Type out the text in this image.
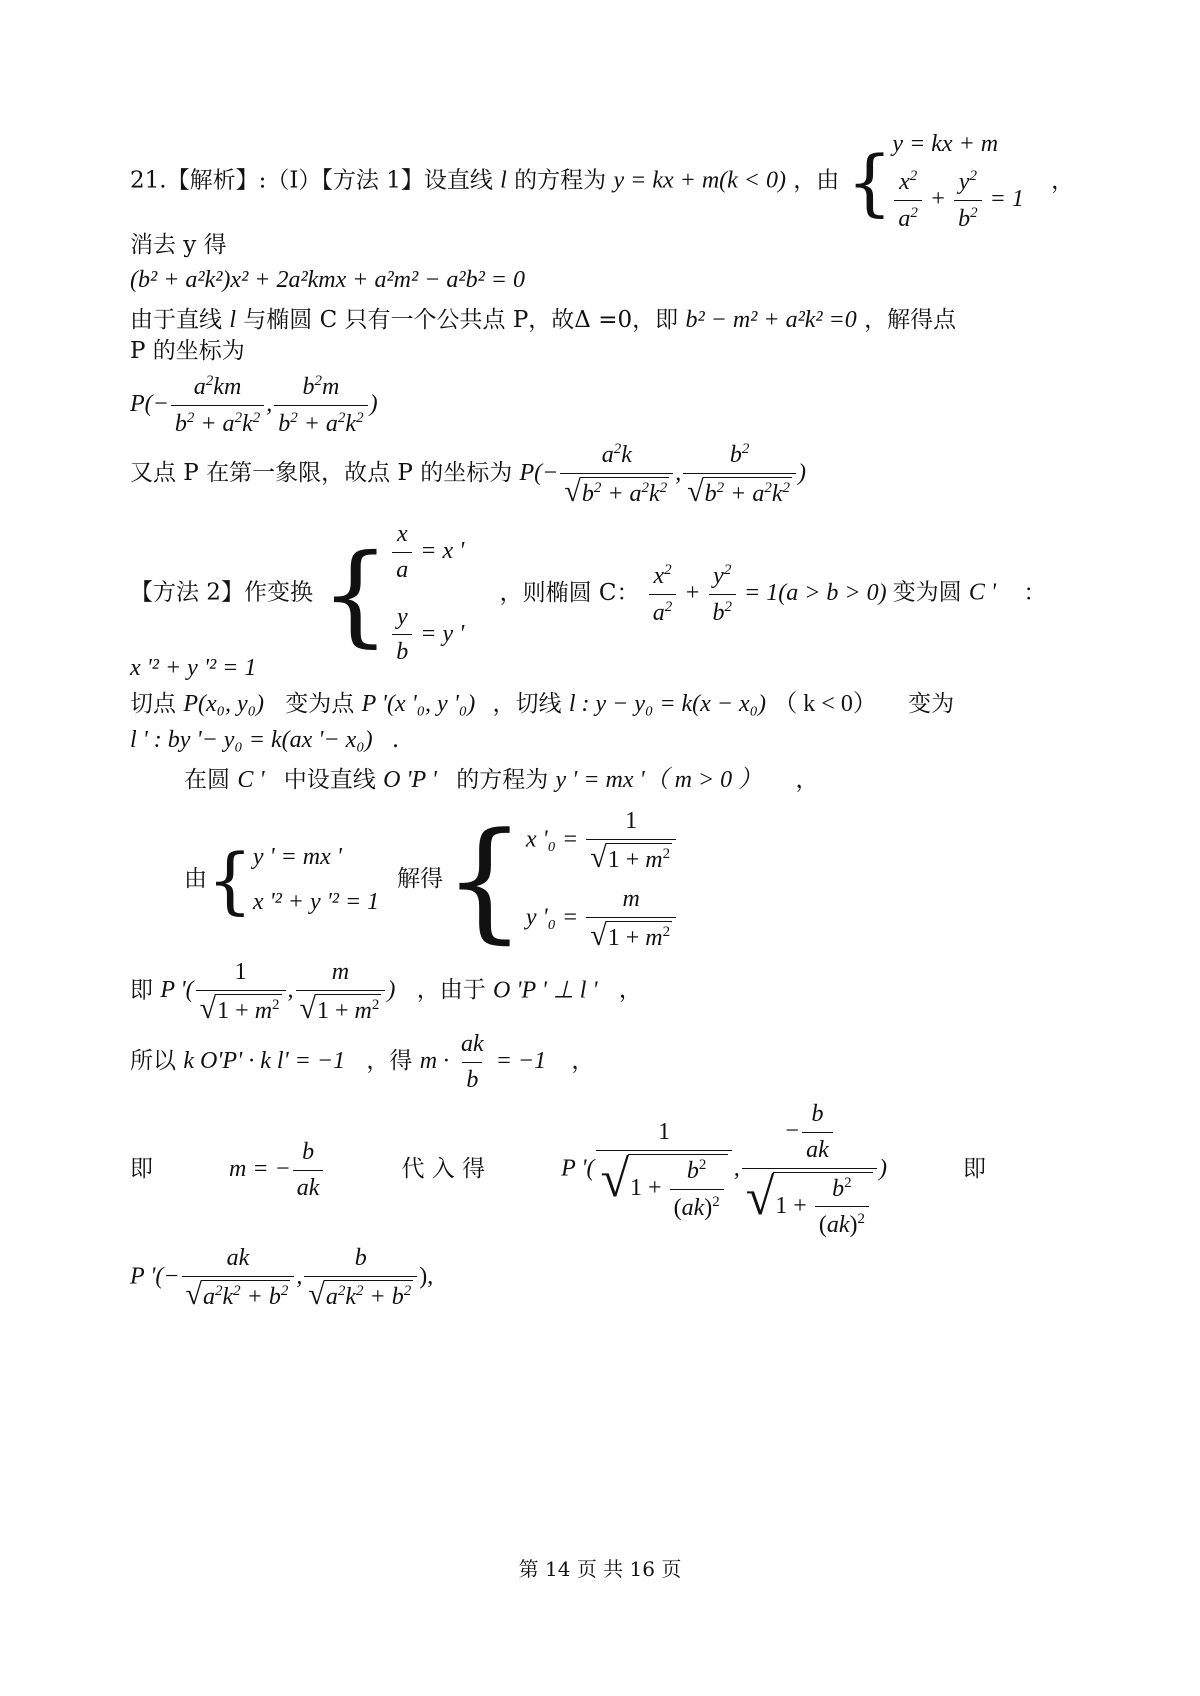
21.【解析】:（Ⅰ）【方法 1】设直线 l 的方程为 y = kx + m(k < 0) ，由 { y = kx + m
$\frac{x^2}{a^2} + \frac{y^2}{b^2} = 1$
，
消去 y 得
(b² + a²k²)x² + 2a²kmx + a²m² − a²b² = 0
由于直线 l 与椭圆 C 只有一个公共点 P，故Δ =0，即 b² − m² + a²k² =0 ，解得点
P 的坐标为
$P(- \frac{a^2km}{b^2 + a^2k^2}$ , $\frac{b^2m}{b^2 + a^2k^2}$ )
又点 P 在第一象限，故点 P 的坐标为 $P(- \frac{a^2k}{√ b^2 + a^2k^2}$ , $\frac{b^2}{√ b^2 + a^2k^2}$ )
【方法 2】作变换 { $\frac{x}{a} = x$ '
$\frac{y}{b} = y$ '
，则椭圆 C： $\frac{x^2}{a^2} + \frac{y^2}{b^2} = 1(a > b > 0)$ 变为圆 C ' ：
x '² + y '² = 1
切点 P(x₀, y₀) 变为点 P '(x '₀, y '₀) ，切线 l : y − y₀ = k(x − x₀) （ k < 0） 变为
l ' : by '− y₀ = k(ax '− x₀) .
在圆 C ' 中设直线 O 'P ' 的方程为 y ' = mx '（ m > 0 ） ，
由 { y ' = mx '
x '² + y '² = 1
解得 { x '$_0 = \frac{1}{√ 1 + m^2}$
y '$_0 = \frac{m}{√ 1 + m^2}$
即 P '( $\frac{1}{√ 1 + m^2}$ , $\frac{m}{√ 1 + m^2}$ ) ，由于 O 'P ' ⊥ l ' ，
所以 k O'P' · k l' = −1 ，得 $m \cdot \frac{ak}{b} = -1$ ，
即	m = − $\frac{b}{ak}$	代 入 得	P '( $\frac{1}{√ 1 + \frac{b^2}{(ak)^2}}$ , $\frac{- \frac{b}{ak}}{√ 1 + \frac{b^2}{(ak)^2}}$ )	即
P '(− $\frac{ak}{√ a^2k^2 + b^2}$ , $\frac{b}{√ a^2k^2 + b^2}$ ),
第 14 页 共 16 页
